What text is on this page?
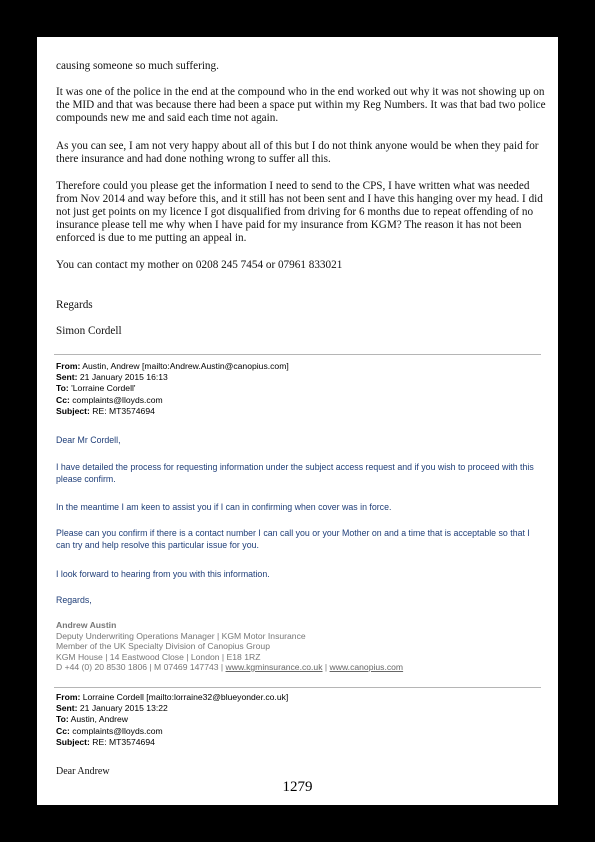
causing someone so much suffering.

It was one of the police in the end at the compound who in the end worked out why it was not showing up on the MID and that was because there had been a space put within my Reg Numbers. It was that bad two police compounds new me and said each time not again.

As you can see, I am not very happy about all of this but I do not think anyone would be when they paid for there insurance and had done nothing wrong to suffer all this.

Therefore could you please get the information I need to send to the CPS, I have written what was needed from Nov 2014 and way before this, and it still has not been sent and I have this hanging over my head. I did not just get points on my licence I got disqualified from driving for 6 months due to repeat offending of no insurance please tell me why when I have paid for my insurance from KGM? The reason it has not been enforced is due to me putting an appeal in.

You can contact my mother on 0208 245 7454 or 07961 833021

Regards

Simon Cordell

From: Austin, Andrew [mailto:Andrew.Austin@canopius.com]
Sent: 21 January 2015 16:13
To: 'Lorraine Cordell'
Cc: complaints@lloyds.com
Subject: RE: MT3574694

Dear Mr Cordell,

I have detailed the process for requesting information under the subject access request and if you wish to proceed with this please confirm.

In the meantime I am keen to assist you if I can in confirming when cover was in force.

Please can you confirm if there is a contact number I can call you or your Mother on and a time that is acceptable so that I can try and help resolve this particular issue for you.

I look forward to hearing from you with this information.

Regards,

Andrew Austin
Deputy Underwriting Operations Manager | KGM Motor Insurance
Member of the UK Specialty Division of Canopius Group
KGM House | 14 Eastwood Close | London | E18 1RZ
D +44 (0) 20 8530 1806 | M 07469 147743 | www.kgminsurance.co.uk | www.canopius.com
From: Lorraine Cordell [mailto:lorraine32@blueyonder.co.uk]
Sent: 21 January 2015 13:22
To: Austin, Andrew
Cc: complaints@lloyds.com
Subject: RE: MT3574694

Dear Andrew

1279
